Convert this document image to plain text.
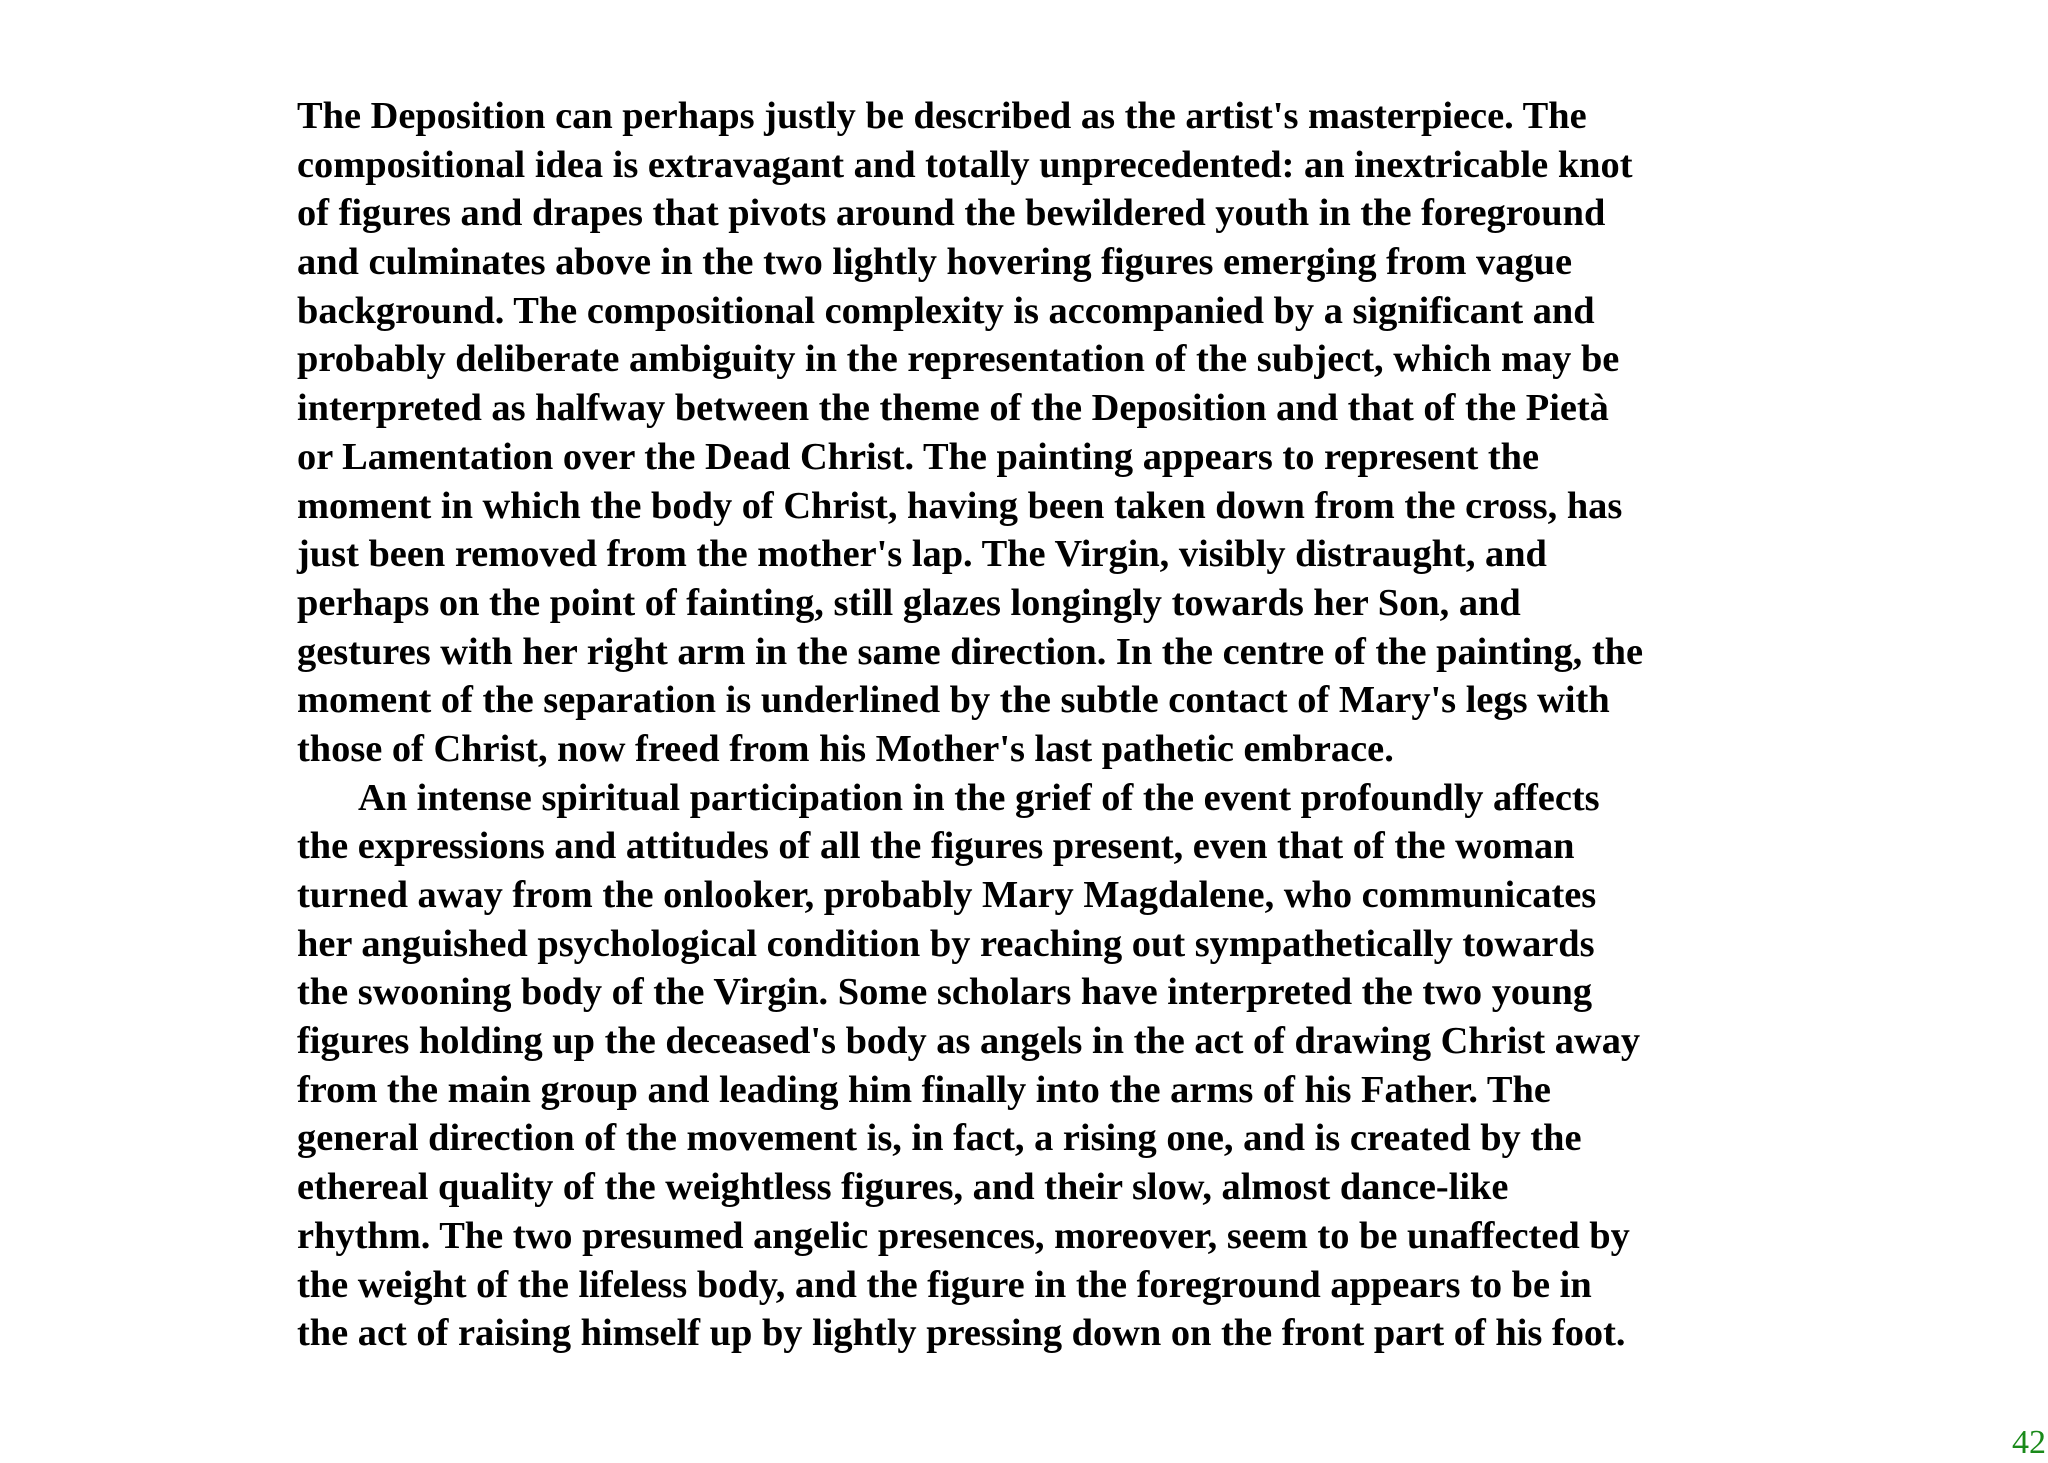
The Deposition can perhaps justly be described as the artist's masterpiece. The

compositional idea is extravagant and totally unprecedented: an inextricable knot

of figures and drapes that pivots around the bewildered youth in the foreground

and culminates above in the two lightly hovering figures emerging from vague

background. The compositional complexity is accompanied by a significant and

probably deliberate ambiguity in the representation of the subject, which may be

interpreted as halfway between the theme of the Deposition and that of the Pietà

or Lamentation over the Dead Christ. The painting appears to represent the

moment in which the body of Christ, having been taken down from the cross, has

just been removed from the mother's lap. The Virgin, visibly distraught, and

perhaps on the point of fainting, still glazes longingly towards her Son, and

gestures with her right arm in the same direction. In the centre of the painting, the

moment of the separation is underlined by the subtle contact of Mary's legs with

those of Christ, now freed from his Mother's last pathetic embrace.

An intense spiritual participation in the grief of the event profoundly affects

the expressions and attitudes of all the figures present, even that of the woman

turned away from the onlooker, probably Mary Magdalene, who communicates

her anguished psychological condition by reaching out sympathetically towards

the swooning body of the Virgin. Some scholars have interpreted the two young

figures holding up the deceased's body as angels in the act of drawing Christ away

from the main group and leading him finally into the arms of his Father. The

general direction of the movement is, in fact, a rising one, and is created by the

ethereal quality of the weightless figures, and their slow, almost dance-like

rhythm. The two presumed angelic presences, moreover, seem to be unaffected by

the weight of the lifeless body, and the figure in the foreground appears to be in

the act of raising himself up by lightly pressing down on the front part of his foot.

42
